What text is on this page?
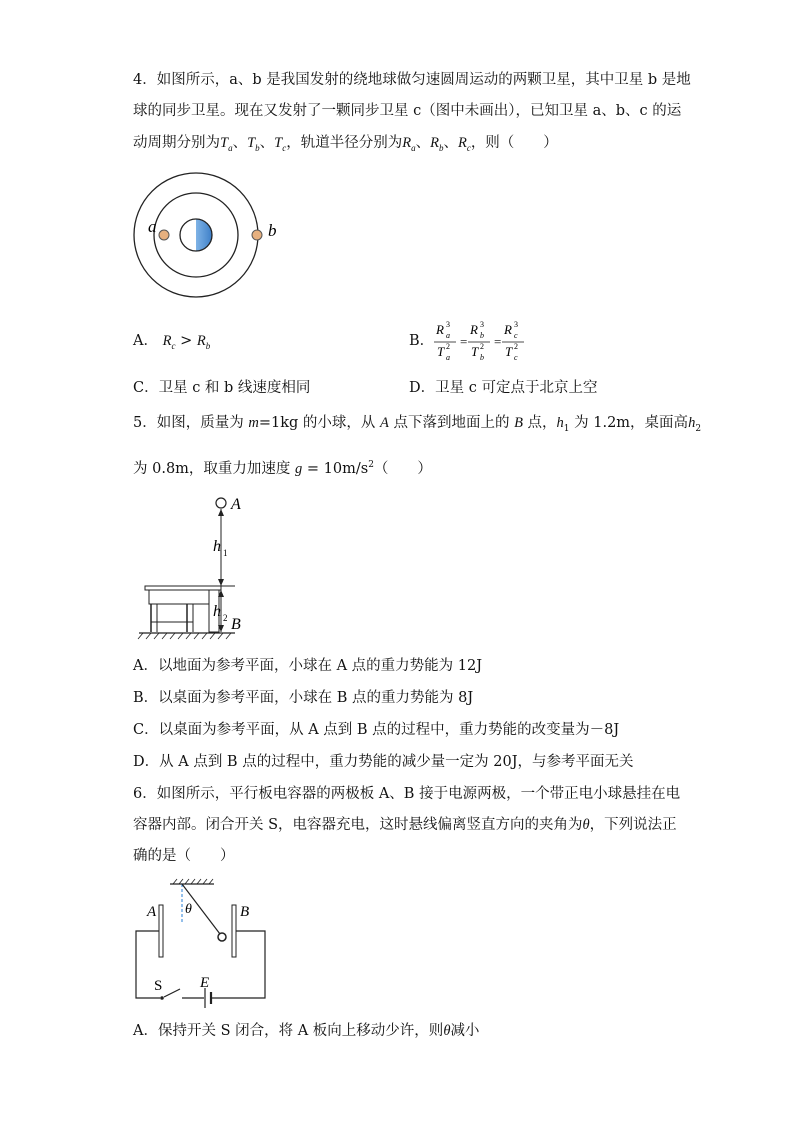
4．如图所示，a、b 是我国发射的绕地球做匀速圆周运动的两颗卫星，其中卫星 b 是地
球的同步卫星。现在又发射了一颗同步卫星 c（图中未画出），已知卫星 a、b、c 的运
动周期分别为$T_a$、$T_b$、$T_c$，轨道半径分别为$R_a$、$R_b$、$R_c$，则（　　）
a	b
A． $R_c > R_b$	B．
R a
3
T a
2 =
R b
3
T b
2 =
R c
3
T c
2
C．卫星 c 和 b 线速度相同	D．卫星 c 可定点于北京上空
5．如图，质量为 m=1kg 的小球，从 A 点下落到地面上的 B 点，$h_1$ 为 1.2m，桌面高$h_2$
为 0.8m，取重力加速度 $g = 10m/s^2$（　　）
A
h 1
h 2 B
A．以地面为参考平面，小球在 A 点的重力势能为 12J
B．以桌面为参考平面，小球在 B 点的重力势能为 8J
C．以桌面为参考平面，从 A 点到 B 点的过程中，重力势能的改变量为－8J
D．从 A 点到 B 点的过程中，重力势能的减少量一定为 20J，与参考平面无关
6．如图所示，平行板电容器的两极板 A、B 接于电源两极，一个带正电小球悬挂在电
容器内部。闭合开关 S，电容器充电，这时悬线偏离竖直方向的夹角为θ，下列说法正
确的是（　　）
θ
A	B
S	E
A．保持开关 S 闭合，将 A 板向上移动少许，则θ减小
